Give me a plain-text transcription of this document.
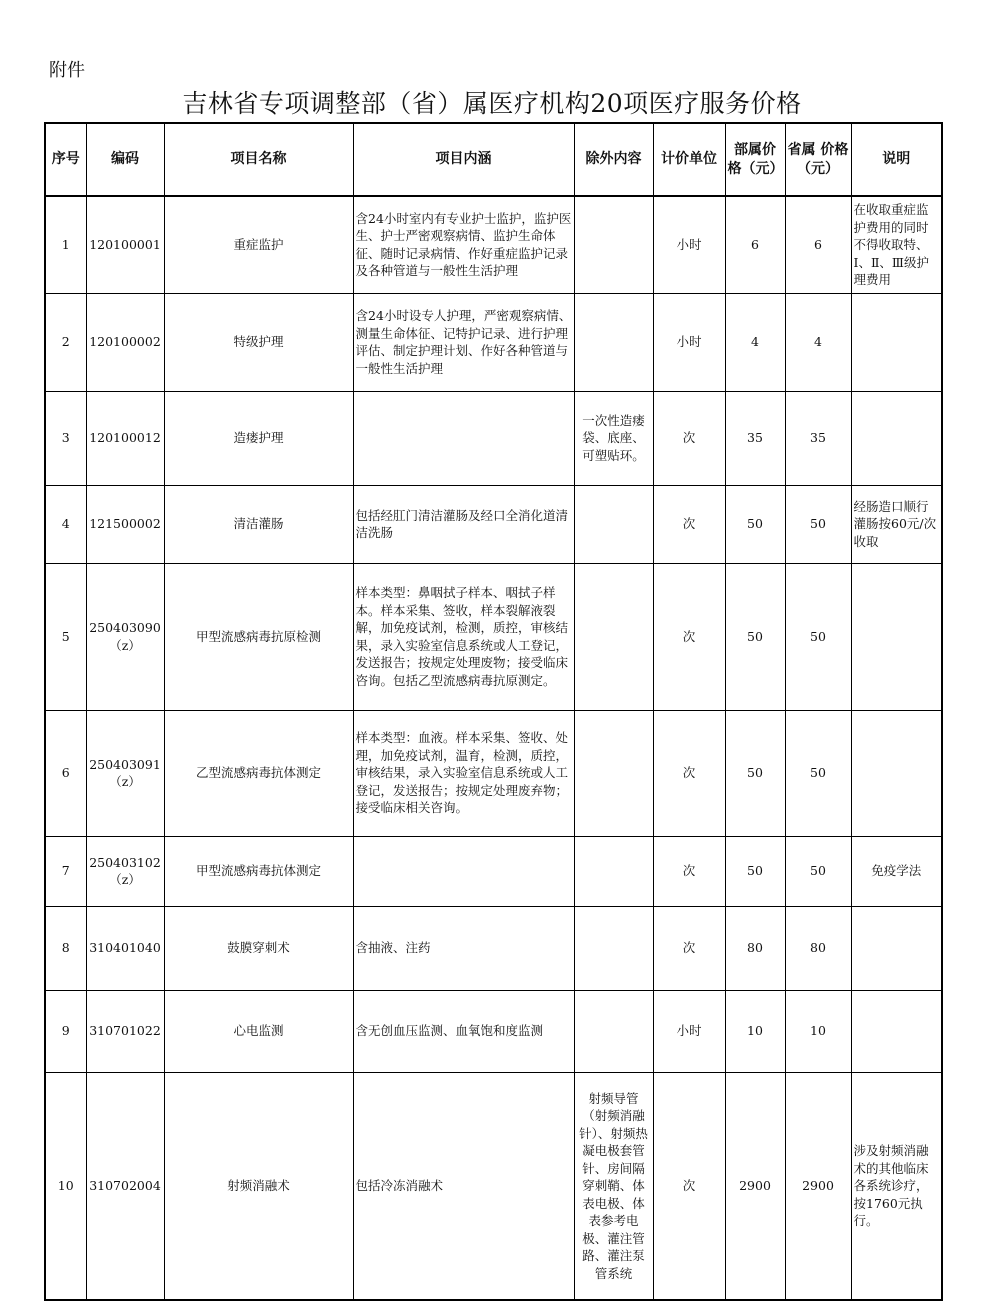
附件
吉林省专项调整部（省）属医疗机构20项医疗服务价格
序号	编码	项目名称	项目内涵	除外内容	计价单位	部属价格（元）	省属 价格（元）	说明
1	120100001	重症监护	含24小时室内有专业护士监护，监护医生、护士严密观察病情、监护生命体征、随时记录病情、作好重症监护记录及各种管道与一般性生活护理		小时	6	6	在收取重症监护费用的同时不得收取特、Ⅰ、Ⅱ、Ⅲ级护理费用
2	120100002	特级护理	含24小时设专人护理，严密观察病情、测量生命体征、记特护记录、进行护理评估、制定护理计划、作好各种管道与一般性生活护理		小时	4	4	
3	120100012	造瘘护理		一次性造瘘袋、底座、可塑贴环。	次	35	35	
4	121500002	清洁灌肠	包括经肛门清洁灌肠及经口全消化道清洁洗肠		次	50	50	经肠造口顺行灌肠按60元/次收取
5	250403090（z）	甲型流感病毒抗原检测	样本类型：鼻咽拭子样本、咽拭子样本。样本采集、签收，样本裂解液裂解，加免疫试剂，检测，质控，审核结果，录入实验室信息系统或人工登记，发送报告；按规定处理废物；接受临床咨询。包括乙型流感病毒抗原测定。		次	50	50	
6	250403091（z）	乙型流感病毒抗体测定	样本类型：血液。样本采集、签收、处理，加免疫试剂，温育，检测，质控，审核结果，录入实验室信息系统或人工登记，发送报告；按规定处理废弃物；接受临床相关咨询。		次	50	50	
7	250403102（z）	甲型流感病毒抗体测定			次	50	50	免疫学法
8	310401040	鼓膜穿刺术	含抽液、注药		次	80	80	
9	310701022	心电监测	含无创血压监测、血氧饱和度监测		小时	10	10	
10	310702004	射频消融术	包括冷冻消融术	射频导管（射频消融针）、射频热凝电极套管针、房间隔穿刺鞘、体表电极、体表参考电极、灌注管路、灌注泵管系统	次	2900	2900	涉及射频消融术的其他临床各系统诊疗，按1760元执行。
